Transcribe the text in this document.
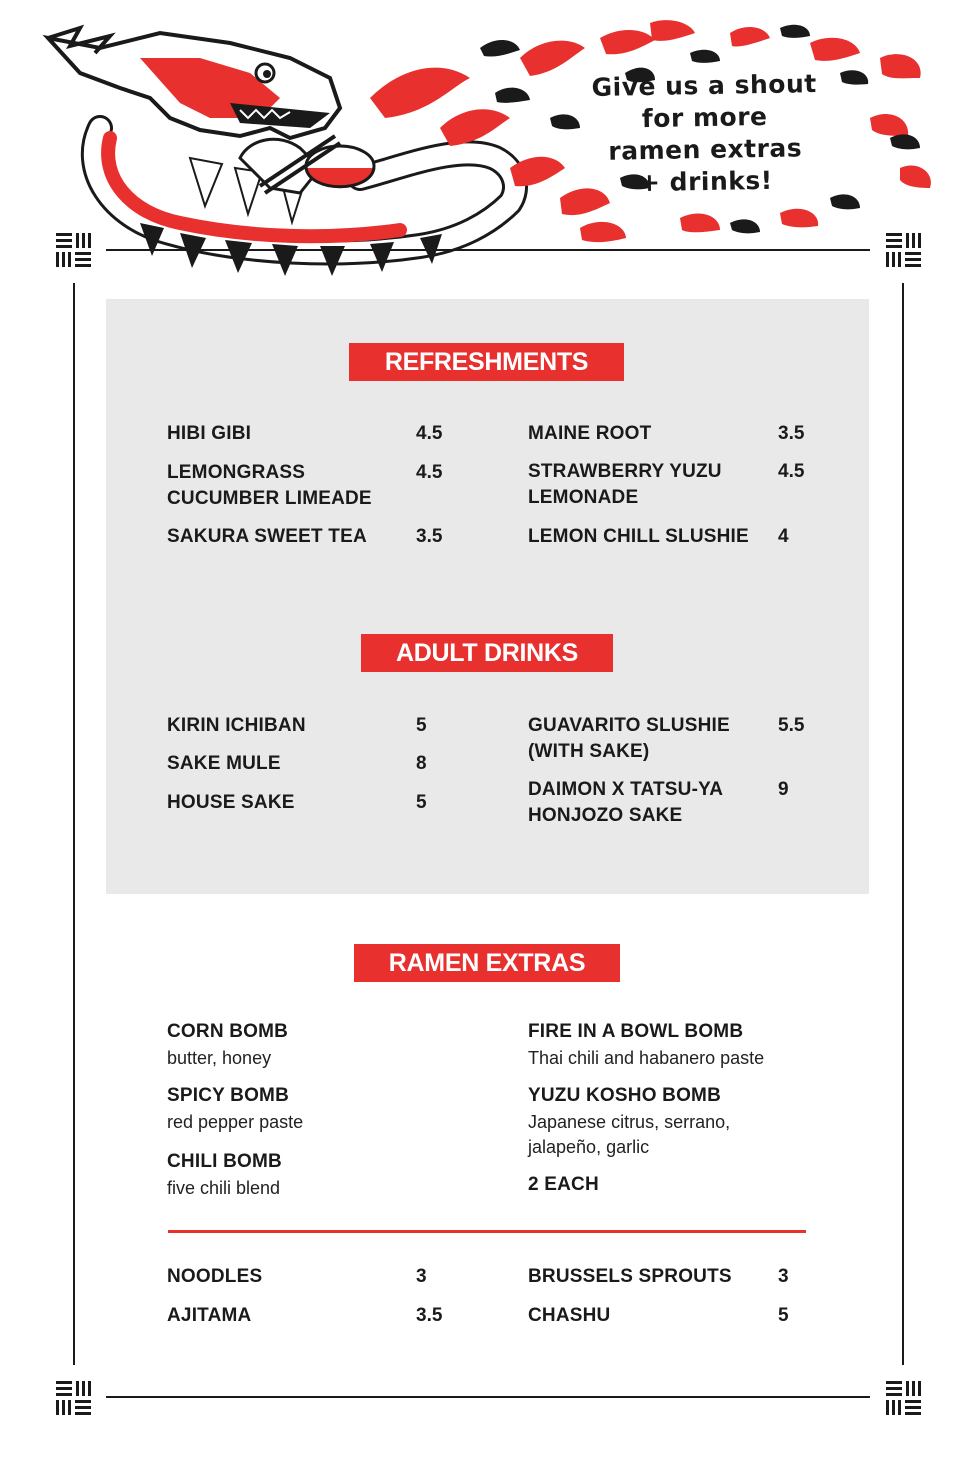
Give us a shout
for more
ramen extras
+ drinks!
REFRESHMENTS
HIBI GIBI	4.5
LEMONGRASS
CUCUMBER LIMEADE
4.5
SAKURA SWEET TEA	3.5
MAINE ROOT	3.5
STRAWBERRY YUZU
LEMONADE
4.5
LEMON CHILL SLUSHIE 4
ADULT DRINKS
KIRIN ICHIBAN	5
SAKE MULE	8
HOUSE SAKE	5
GUAVARITO SLUSHIE
(WITH SAKE)
5.5
DAIMON X TATSU-YA
HONJOZO SAKE
9
RAMEN EXTRAS
CORN BOMB
butter, honey
SPICY BOMB
red pepper paste
CHILI BOMB
five chili blend
FIRE IN A BOWL BOMB
Thai chili and habanero paste
YUZU KOSHO BOMB
Japanese citrus, serrano,
jalapeño, garlic
2 EACH
NOODLES	3
AJITAMA	3.5
BRUSSELS SPROUTS 3
CHASHU	5
